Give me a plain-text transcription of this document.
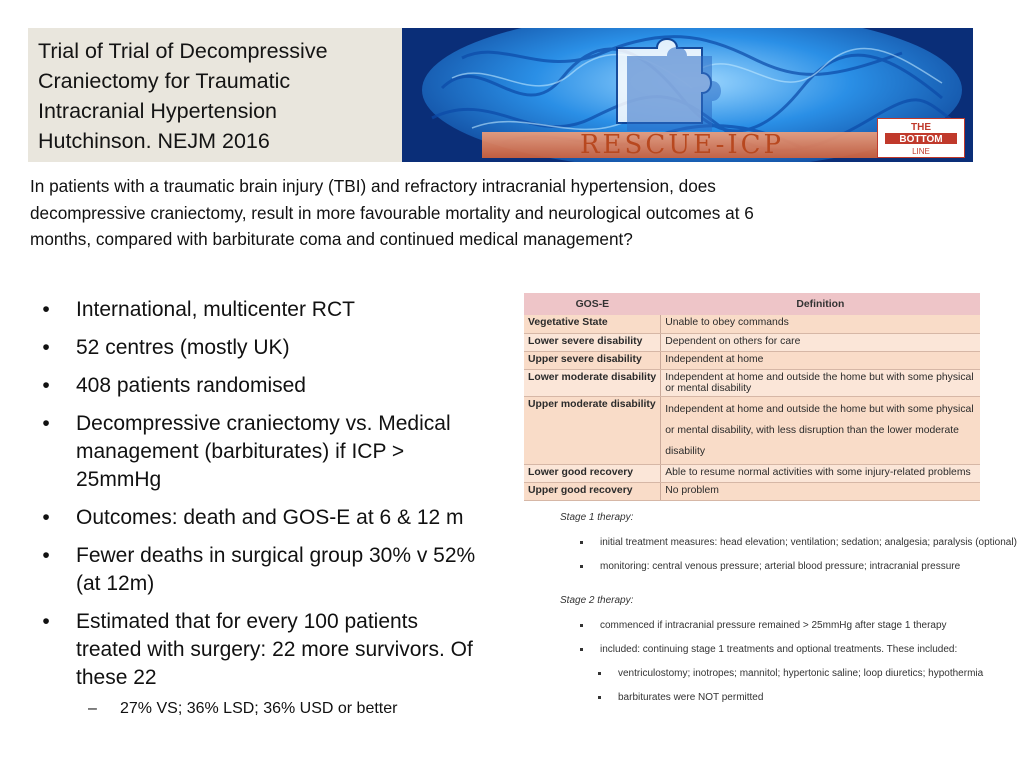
Trial of Trial of Decompressive
Craniectomy for Traumatic
Intracranial Hypertension
Hutchinson. NEJM 2016	RESCUE-ICP
THE
BOTTOM
LINE
In patients with a traumatic brain injury (TBI) and refractory intracranial hypertension, does
decompressive craniectomy, result in more favourable mortality and neurological outcomes at 6
months, compared with barbiturate coma and continued medical management?
•	International, multicenter RCT
•	52 centres (mostly UK)
•	408 patients randomised
•	Decompressive craniectomy vs. Medical
management (barbiturates) if ICP >
25mmHg
•	Outcomes: death and GOS-E at 6 & 12 m
•	Fewer deaths in surgical group 30% v 52%
(at 12m)
•	Estimated that for every 100 patients
treated with surgery: 22 more survivors. Of
these 22
– 27% VS; 36% LSD; 36% USD or better
GOS-E	Definition
Vegetative State	Unable to obey commands
Lower severe disability	Dependent on others for care
Upper severe disability	Independent at home
Lower moderate disability	Independent at home and outside the home but with some physical or mental disability
Upper moderate disability	Independent at home and outside the home but with some physical or mental disability, with less disruption than the lower moderate disability
Lower good recovery	Able to resume normal activities with some injury-related problems
Upper good recovery	No problem
Stage 1 therapy:
initial treatment measures: head elevation; ventilation; sedation; analgesia; paralysis (optional)
monitoring: central venous pressure; arterial blood pressure; intracranial pressure
Stage 2 therapy:
commenced if intracranial pressure remained > 25mmHg after stage 1 therapy
included: continuing stage 1 treatments and optional treatments. These included:
ventriculostomy; inotropes; mannitol; hypertonic saline; loop diuretics; hypothermia
barbiturates were NOT permitted
